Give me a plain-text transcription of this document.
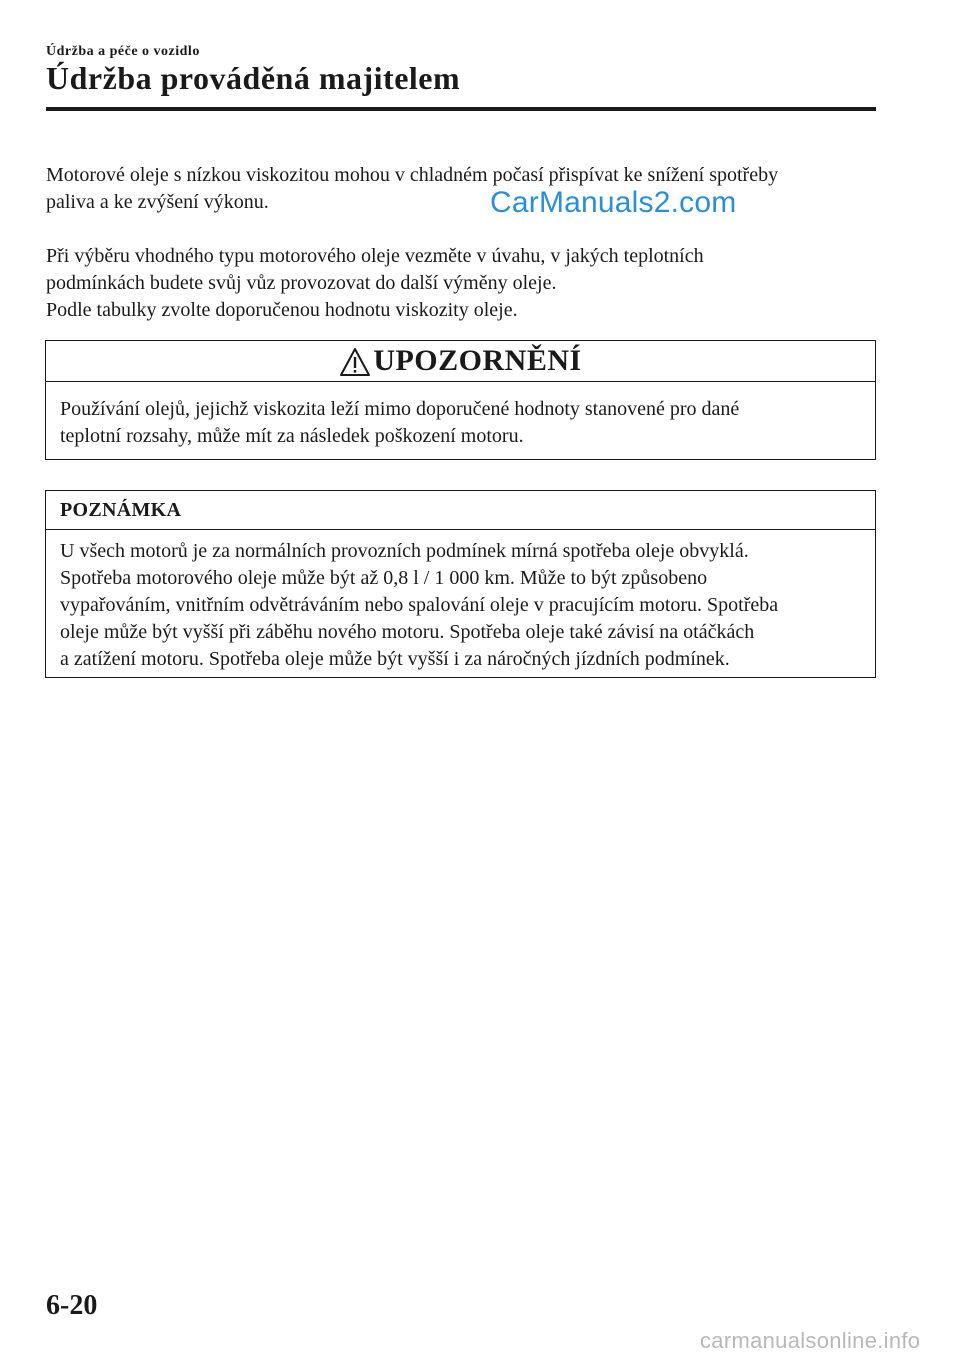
Údržba a péče o vozidlo
Údržba prováděná majitelem
CarManuals2.com

Motorové oleje s nízkou viskozitou mohou v chladném počasí přispívat ke snížení spotřeby
paliva a ke zvýšení výkonu.

Při výběru vhodného typu motorového oleje vezměte v úvahu, v jakých teplotních
podmínkách budete svůj vůz provozovat do další výměny oleje.
Podle tabulky zvolte doporučenou hodnotu viskozity oleje.

UPOZORNĚNÍ
Používání olejů, jejichž viskozita leží mimo doporučené hodnoty stanovené pro dané
teplotní rozsahy, může mít za následek poškození motoru.
POZNÁMKA
U všech motorů je za normálních provozních podmínek mírná spotřeba oleje obvyklá.
Spotřeba motorového oleje může být až 0,8 l / 1 000 km. Může to být způsobeno
vypařováním, vnitřním odvětráváním nebo spalování oleje v pracujícím motoru. Spotřeba
oleje může být vyšší při záběhu nového motoru. Spotřeba oleje také závisí na otáčkách
a zatížení motoru. Spotřeba oleje může být vyšší i za náročných jízdních podmínek.
6-20
carmanualsonline.info
